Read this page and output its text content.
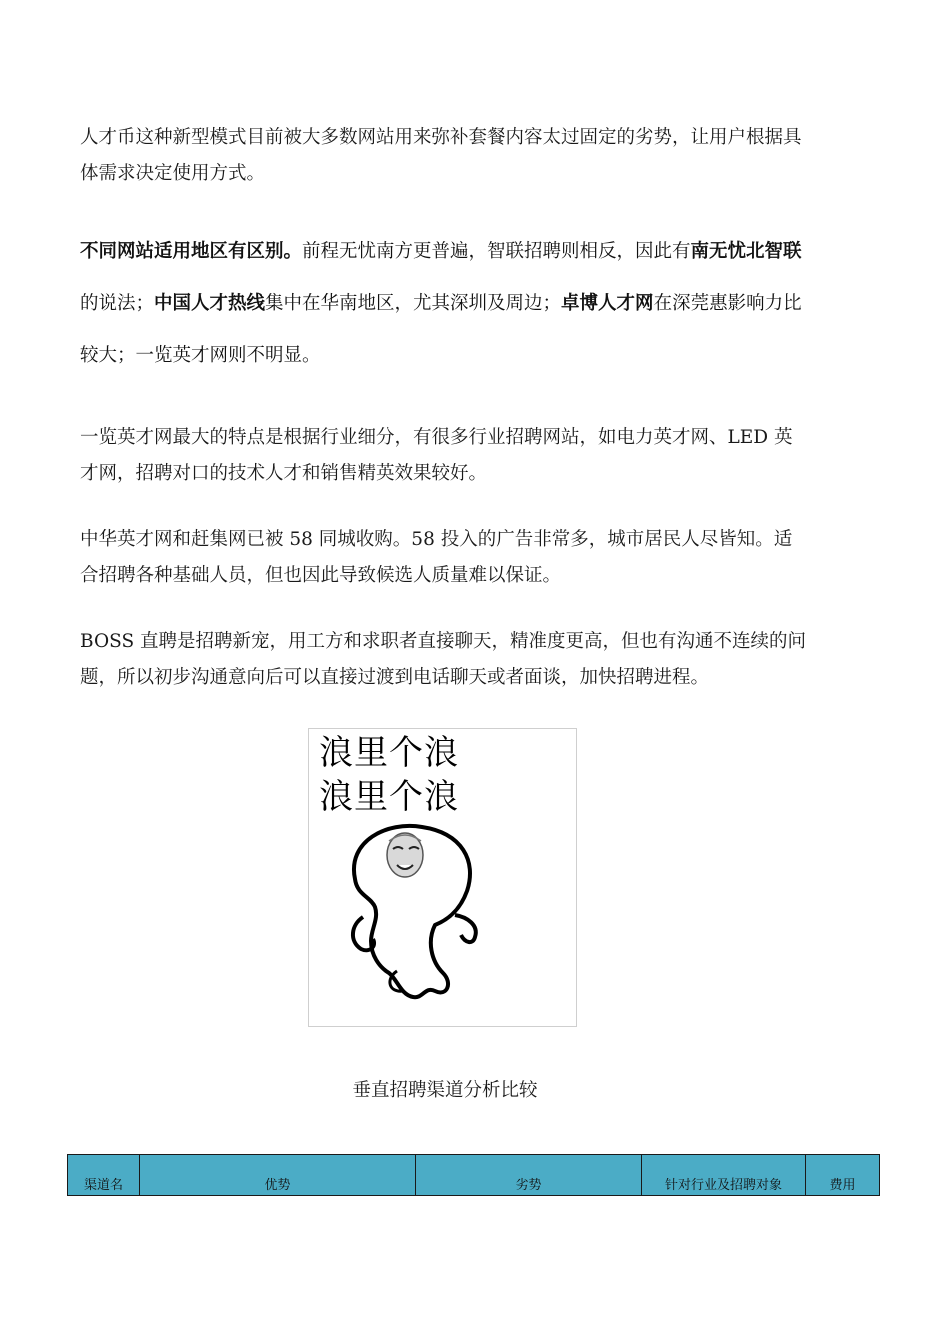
人才币这种新型模式目前被大多数网站用来弥补套餐内容太过固定的劣势，让用户根据具体需求决定使用方式。

不同网站适用地区有区别。前程无忧南方更普遍，智联招聘则相反，因此有南无忧北智联的说法；中国人才热线集中在华南地区，尤其深圳及周边；卓博人才网在深莞惠影响力比较大；一览英才网则不明显。

一览英才网最大的特点是根据行业细分，有很多行业招聘网站，如电力英才网、LED 英才网，招聘对口的技术人才和销售精英效果较好。

中华英才网和赶集网已被 58 同城收购。58 投入的广告非常多，城市居民人尽皆知。适合招聘各种基础人员，但也因此导致候选人质量难以保证。

BOSS 直聘是招聘新宠，用工方和求职者直接聊天，精准度更高，但也有沟通不连续的问题，所以初步沟通意向后可以直接过渡到电话聊天或者面谈，加快招聘进程。

浪里个浪
浪里个浪
垂直招聘渠道分析比较
渠道名	优势	劣势	针对行业及招聘对象	费用
